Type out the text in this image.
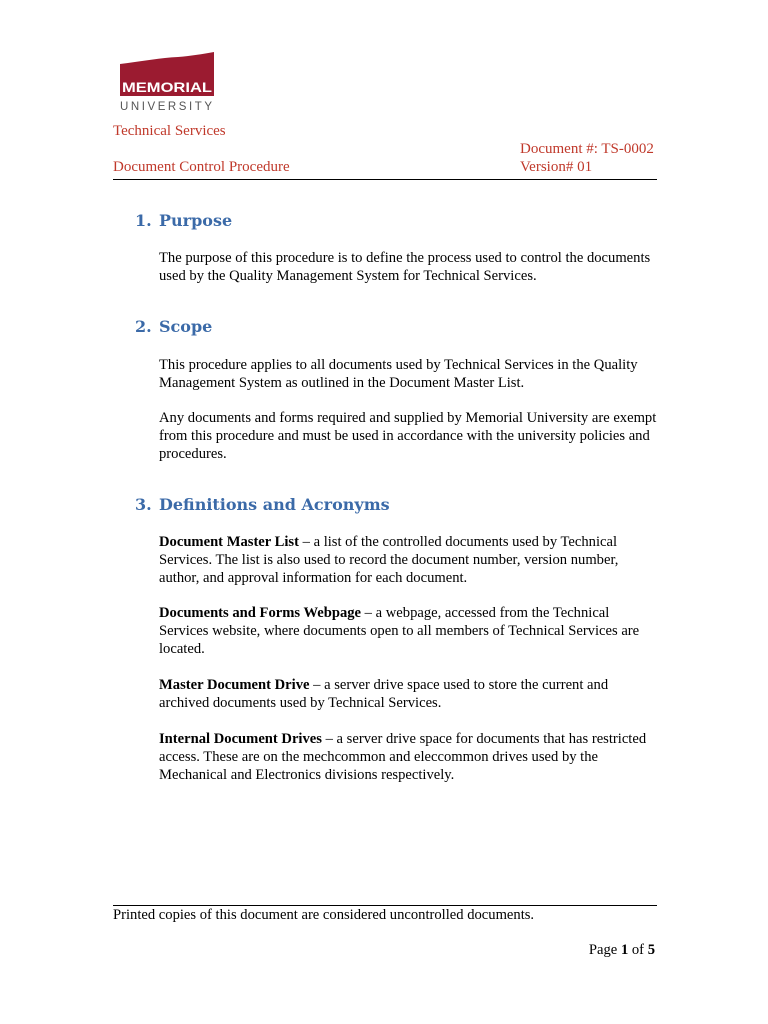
MEMORIAL
UNIVERSITY
Technical Services
Document #: TS-0002
Document Control Procedure	Version# 01
1. Purpose
The purpose of this procedure is to define the process used to control the documents used by the Quality Management System for Technical Services.
2. Scope
This procedure applies to all documents used by Technical Services in the Quality Management System as outlined in the Document Master List.
Any documents and forms required and supplied by Memorial University are exempt from this procedure and must be used in accordance with the university policies and procedures.
3. Definitions and Acronyms
Document Master List – a list of the controlled documents used by Technical Services. The list is also used to record the document number, version number, author, and approval information for each document.
Documents and Forms Webpage – a webpage, accessed from the Technical Services website, where documents open to all members of Technical Services are located.
Master Document Drive – a server drive space used to store the current and archived documents used by Technical Services.
Internal Document Drives – a server drive space for documents that has restricted access. These are on the mechcommon and eleccommon drives used by the Mechanical and Electronics divisions respectively.
Printed copies of this document are considered uncontrolled documents.
Page 1 of 5
